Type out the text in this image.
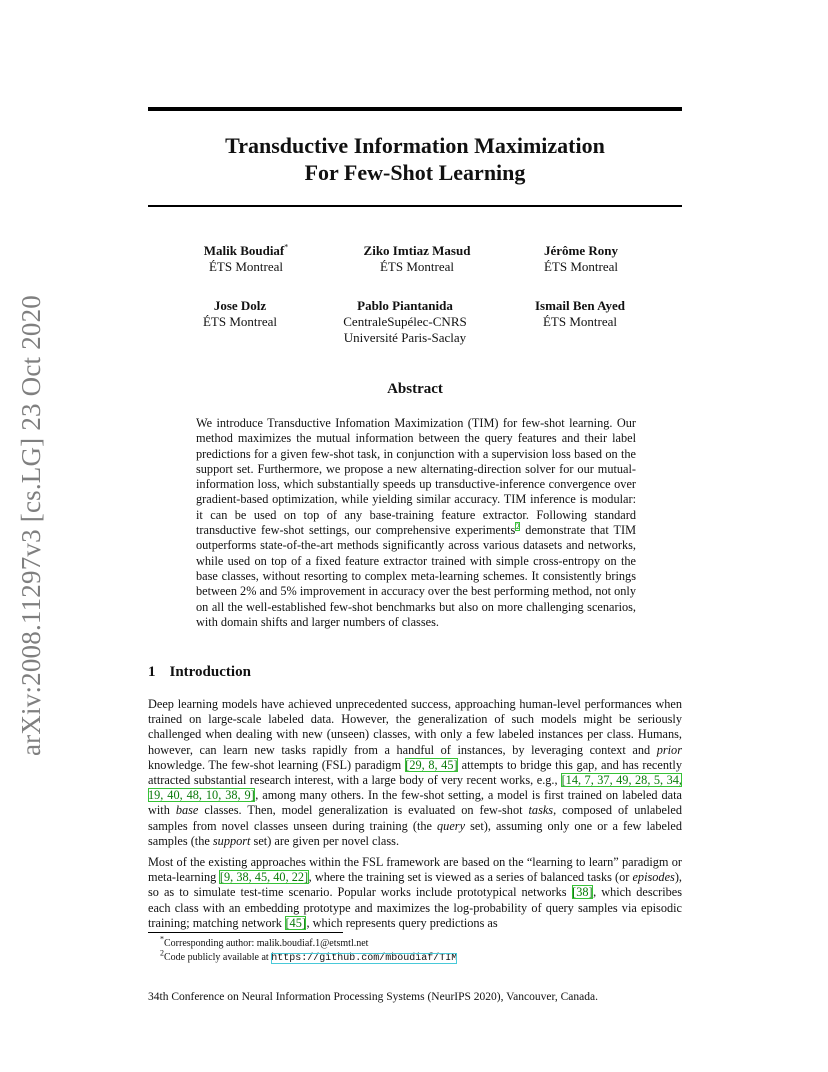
arXiv:2008.11297v3 [cs.LG] 23 Oct 2020
Transductive Information Maximization
For Few-Shot Learning
Malik Boudiaf*
ÉTS Montreal
Ziko Imtiaz Masud
ÉTS Montreal
Jérôme Rony
ÉTS Montreal
Jose Dolz
ÉTS Montreal
Pablo Piantanida
CentraleSupélec-CNRS
Université Paris-Saclay
Ismail Ben Ayed
ÉTS Montreal
Abstract
We introduce Transductive Infomation Maximization (TIM) for few-shot learning. Our method maximizes the mutual information between the query features and their label predictions for a given few-shot task, in conjunction with a supervision loss based on the support set. Furthermore, we propose a new alternating-direction solver for our mutual-information loss, which substantially speeds up transductive-inference convergence over gradient-based optimization, while yielding similar accuracy. TIM inference is modular: it can be used on top of any base-training feature extractor. Following standard transductive few-shot settings, our comprehensive experiments$^2$ demonstrate that TIM outperforms state-of-the-art methods significantly across various datasets and networks, while used on top of a fixed feature extractor trained with simple cross-entropy on the base classes, without resorting to complex meta-learning schemes. It consistently brings between 2% and 5% improvement in accuracy over the best performing method, not only on all the well-established few-shot benchmarks but also on more challenging scenarios, with domain shifts and larger numbers of classes.
1 Introduction
Deep learning models have achieved unprecedented success, approaching human-level performances when trained on large-scale labeled data. However, the generalization of such models might be seriously challenged when dealing with new (unseen) classes, with only a few labeled instances per class. Humans, however, can learn new tasks rapidly from a handful of instances, by leveraging context and prior knowledge. The few-shot learning (FSL) paradigm [29, 8, 45] attempts to bridge this gap, and has recently attracted substantial research interest, with a large body of very recent works, e.g., [14, 7, 37, 49, 28, 5, 34, 19, 40, 48, 10, 38, 9], among many others. In the few-shot setting, a model is first trained on labeled data with base classes. Then, model generalization is evaluated on few-shot tasks, composed of unlabeled samples from novel classes unseen during training (the query set), assuming only one or a few labeled samples (the support set) are given per novel class.
Most of the existing approaches within the FSL framework are based on the “learning to learn” paradigm or meta-learning [9, 38, 45, 40, 22], where the training set is viewed as a series of balanced tasks (or episodes), so as to simulate test-time scenario. Popular works include prototypical networks [38], which describes each class with an embedding prototype and maximizes the log-probability of query samples via episodic training; matching network [45], which represents query predictions as
*Corresponding author: malik.boudiaf.1@etsmtl.net
$^2$Code publicly available at https://github.com/mboudiaf/TIM
34th Conference on Neural Information Processing Systems (NeurIPS 2020), Vancouver, Canada.
